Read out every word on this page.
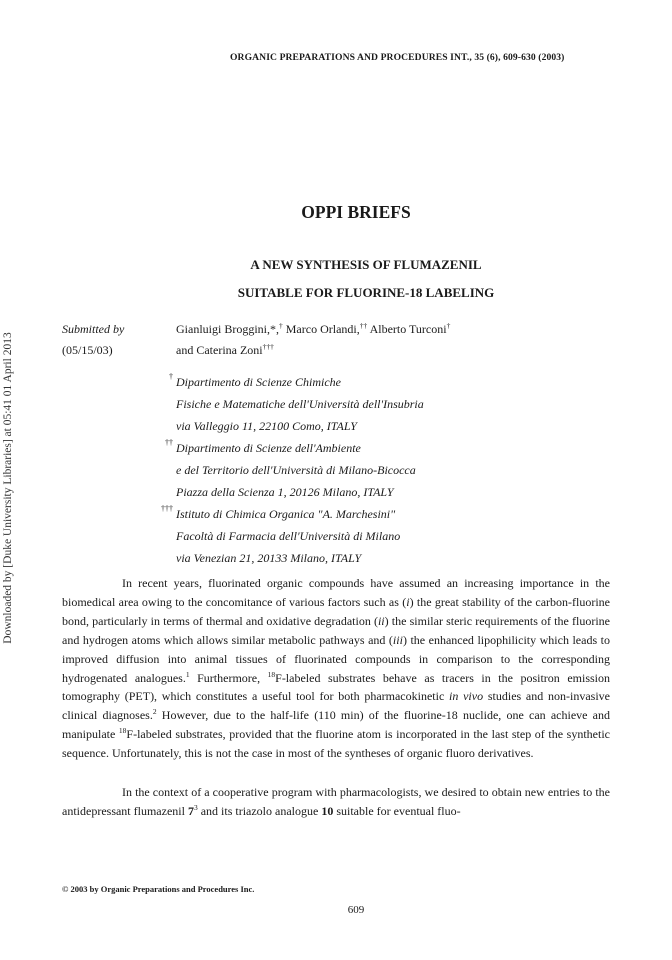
ORGANIC PREPARATIONS AND PROCEDURES INT., 35 (6), 609-630 (2003)
Downloaded by [Duke University Libraries] at 05:41 01 April 2013
OPPI BRIEFS
A NEW SYNTHESIS OF FLUMAZENIL
SUITABLE FOR FLUORINE-18 LABELING
Submitted by
(05/15/03)
Gianluigi Broggini,*,† Marco Orlandi,†† Alberto Turconi†
and Caterina Zoni†††
† Dipartimento di Scienze Chimiche
Fisiche e Matematiche dell'Università dell'Insubria
via Valleggio 11, 22100 Como, ITALY
†† Dipartimento di Scienze dell'Ambiente
e del Territorio dell'Università di Milano-Bicocca
Piazza della Scienza 1, 20126 Milano, ITALY
††† Istituto di Chimica Organica "A. Marchesini"
Facoltà di Farmacia dell'Università di Milano
via Venezian 21, 20133 Milano, ITALY
In recent years, fluorinated organic compounds have assumed an increasing importance in the biomedical area owing to the concomitance of various factors such as (i) the great stability of the carbon-fluorine bond, particularly in terms of thermal and oxidative degradation (ii) the similar steric requirements of the fluorine and hydrogen atoms which allows similar metabolic pathways and (iii) the enhanced lipophilicity which leads to improved diffusion into animal tissues of fluorinated compounds in comparison to the corresponding hydrogenated analogues.$^1$ Furthermore, $^{18}$F-labeled substrates behave as tracers in the positron emission tomography (PET), which constitutes a useful tool for both pharmacokinetic in vivo studies and non-invasive clinical diagnoses.$^2$ However, due to the half-life (110 min) of the fluorine-18 nuclide, one can achieve and manipulate $^{18}$F-labeled substrates, provided that the fluorine atom is incorporated in the last step of the synthetic sequence. Unfortunately, this is not the case in most of the syntheses of organic fluoro derivatives.
In the context of a cooperative program with pharmacologists, we desired to obtain new entries to the antidepressant flumazenil $7^3$ and its triazolo analogue 10 suitable for eventual fluo-
© 2003 by Organic Preparations and Procedures Inc.
609
